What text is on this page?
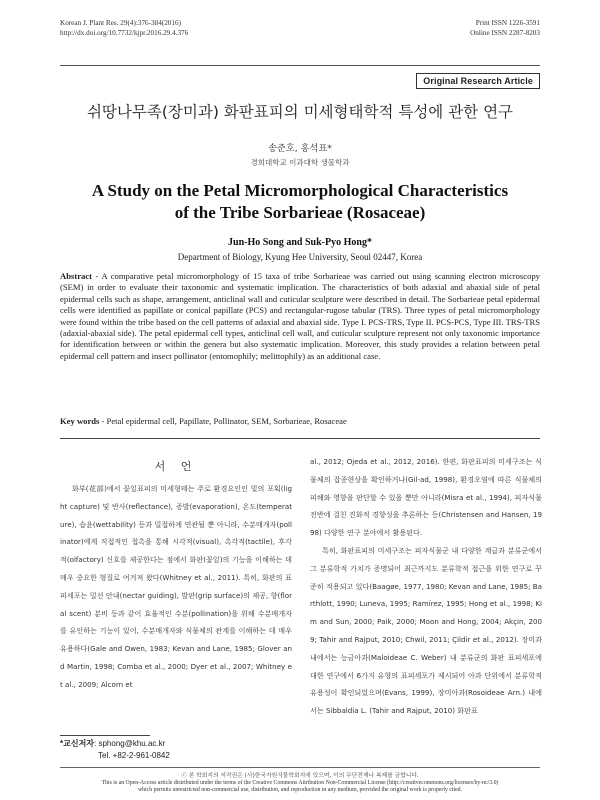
Korean J. Plant Res. 29(4):376-384(2016)
http://dx.doi.org/10.7732/kjpr.2016.29.4.376
Print ISSN 1226-3591
Online ISSN 2287-8203
Original Research Article
쉬땅나무족(장미과) 화판표피의 미세형태학적 특성에 관한 연구
송준호, 홍석표*
경희대학교 이과대학 생물학과
A Study on the Petal Micromorphological Characteristics
of the Tribe Sorbarieae (Rosaceae)
Jun-Ho Song and Suk-Pyo Hong*
Department of Biology, Kyung Hee University, Seoul 02447, Korea
Abstract - A comparative petal micromorphology of 15 taxa of tribe Sorbarieae was carried out using scanning electron microscopy (SEM) in order to evaluate their taxonomic and systematic implication. The characteristics of both adaxial and abaxial side of petal epidermal cells such as shape, arrangement, anticlinal wall and cuticular sculpture were described in detail. The Sorbarieae petal epidermal cells were identified as papillate or conical papillate (PCS) and rectangular-rugose tabular (TRS). Three types of petal micromorphology were found within the tribe based on the cell patterns of adaxial and abaxial side. Type I. PCS-TRS, Type II. PCS-PCS, Type III. TRS-TRS (adaxial-abaxial side). The petal epidermal cell types, anticlinal cell wall, and cuticular sculpture represent not only taxonomic importance for identification between or within the genera but also systematic implication. Moreover, this study provides a relation between petal epidermal cell pattern and insect pollinator (entomophily; melittophily) as an additional case.
Key words - Petal epidermal cell, Papillate, Pollinator, SEM, Sorbarieae, Rosaceae
서 언

화부(花部)에서 꽃잎표피의 미세형태는 주로 환경요인인 빛의 포획(light capture) 및 반사(reflectance), 증발(evaporation), 온도(temperature), 습윤(wettability) 등과 밀접하게 연관될 뿐 아니라, 수분매개자(pollinator)에게 직접적인 접촉을 통해 시각적(visual), 촉각적(tactile), 후각적(olfactory) 신호를 제공한다는 점에서 화판(꽃잎)의 기능을 이해하는 데 매우 중요한 형질로 여겨져 왔다(Whitney et al., 2011). 특히, 화판의 표피세포는 밀선 안내(nectar guiding), 발판(grip surface)의 제공, 향(floral scent) 분비 등과 같이 효율적인 수분(pollination)을 위해 수분매개자를 유인하는 기능이 있어, 수분매개자와 식물체의 관계를 이해하는 데 매우 유용하다(Gale and Owen, 1983; Kevan and Lane, 1985; Glover and Martin, 1998; Comba et al., 2000; Dyer et al., 2007; Whitney et al., 2009; Alcorn et

al., 2012; Ojeda et al., 2012, 2016). 한편, 화판표피의 미세구조는 식물체의 잡종현상을 확인하거나(Gil-ad, 1998), 환경오염에 따른 식물체의 피해와 영향을 판단할 수 있을 뿐만 아니라(Misra et al., 1994), 피자식물 전반에 걸친 진화적 경향성을 추론하는 등(Christensen and Hansen, 1998) 다양한 연구 분야에서 활용된다.

특히, 화판표피의 미세구조는 피자식물군 내 다양한 계급과 분류군에서 그 분류학적 가치가 증명되어 최근까지도 분류학적 접근을 위한 연구로 꾸준히 적용되고 있다(Baagøe, 1977, 1980; Kevan and Lane, 1985; Barthlott, 1990; Luneva, 1995; Ramírez, 1995; Hong et al., 1998; Kim and Sun, 2000; Paik, 2000; Moon and Hong, 2004; Akçin, 2009; Tahir and Rajput, 2010; Chwil, 2011; Çildir et al., 2012). 장미과 내에서는 능금아과(Maloideae C. Weber) 내 분류군의 화판 표피세포에 대한 연구에서 6가지 유형의 표피세포가 제시되어 아과 단위에서 분류학적 유용성이 확인되었으며(Evans, 1999), 장미아과(Rosoideae Arn.) 내에서는 Sibbaldia L. (Tahir and Rajput, 2010) 화판표

*교신저자: sphong@khu.ac.kr
Tel. +82-2-961-0842
ⓒ 본 학회지의 저작권은 (사)한국자원식물학회지에 있으며, 이의 무단전재나 복제를 금합니다.
This is an Open-Access article distributed under the terms of the Creative Commons Attribution Non-Commercial License (http://creativecommons.org/licenses/by-nc/3.0)
which permits unrestricted non-commercial use, distribution, and reproduction in any medium, provided the original work is properly cited.
